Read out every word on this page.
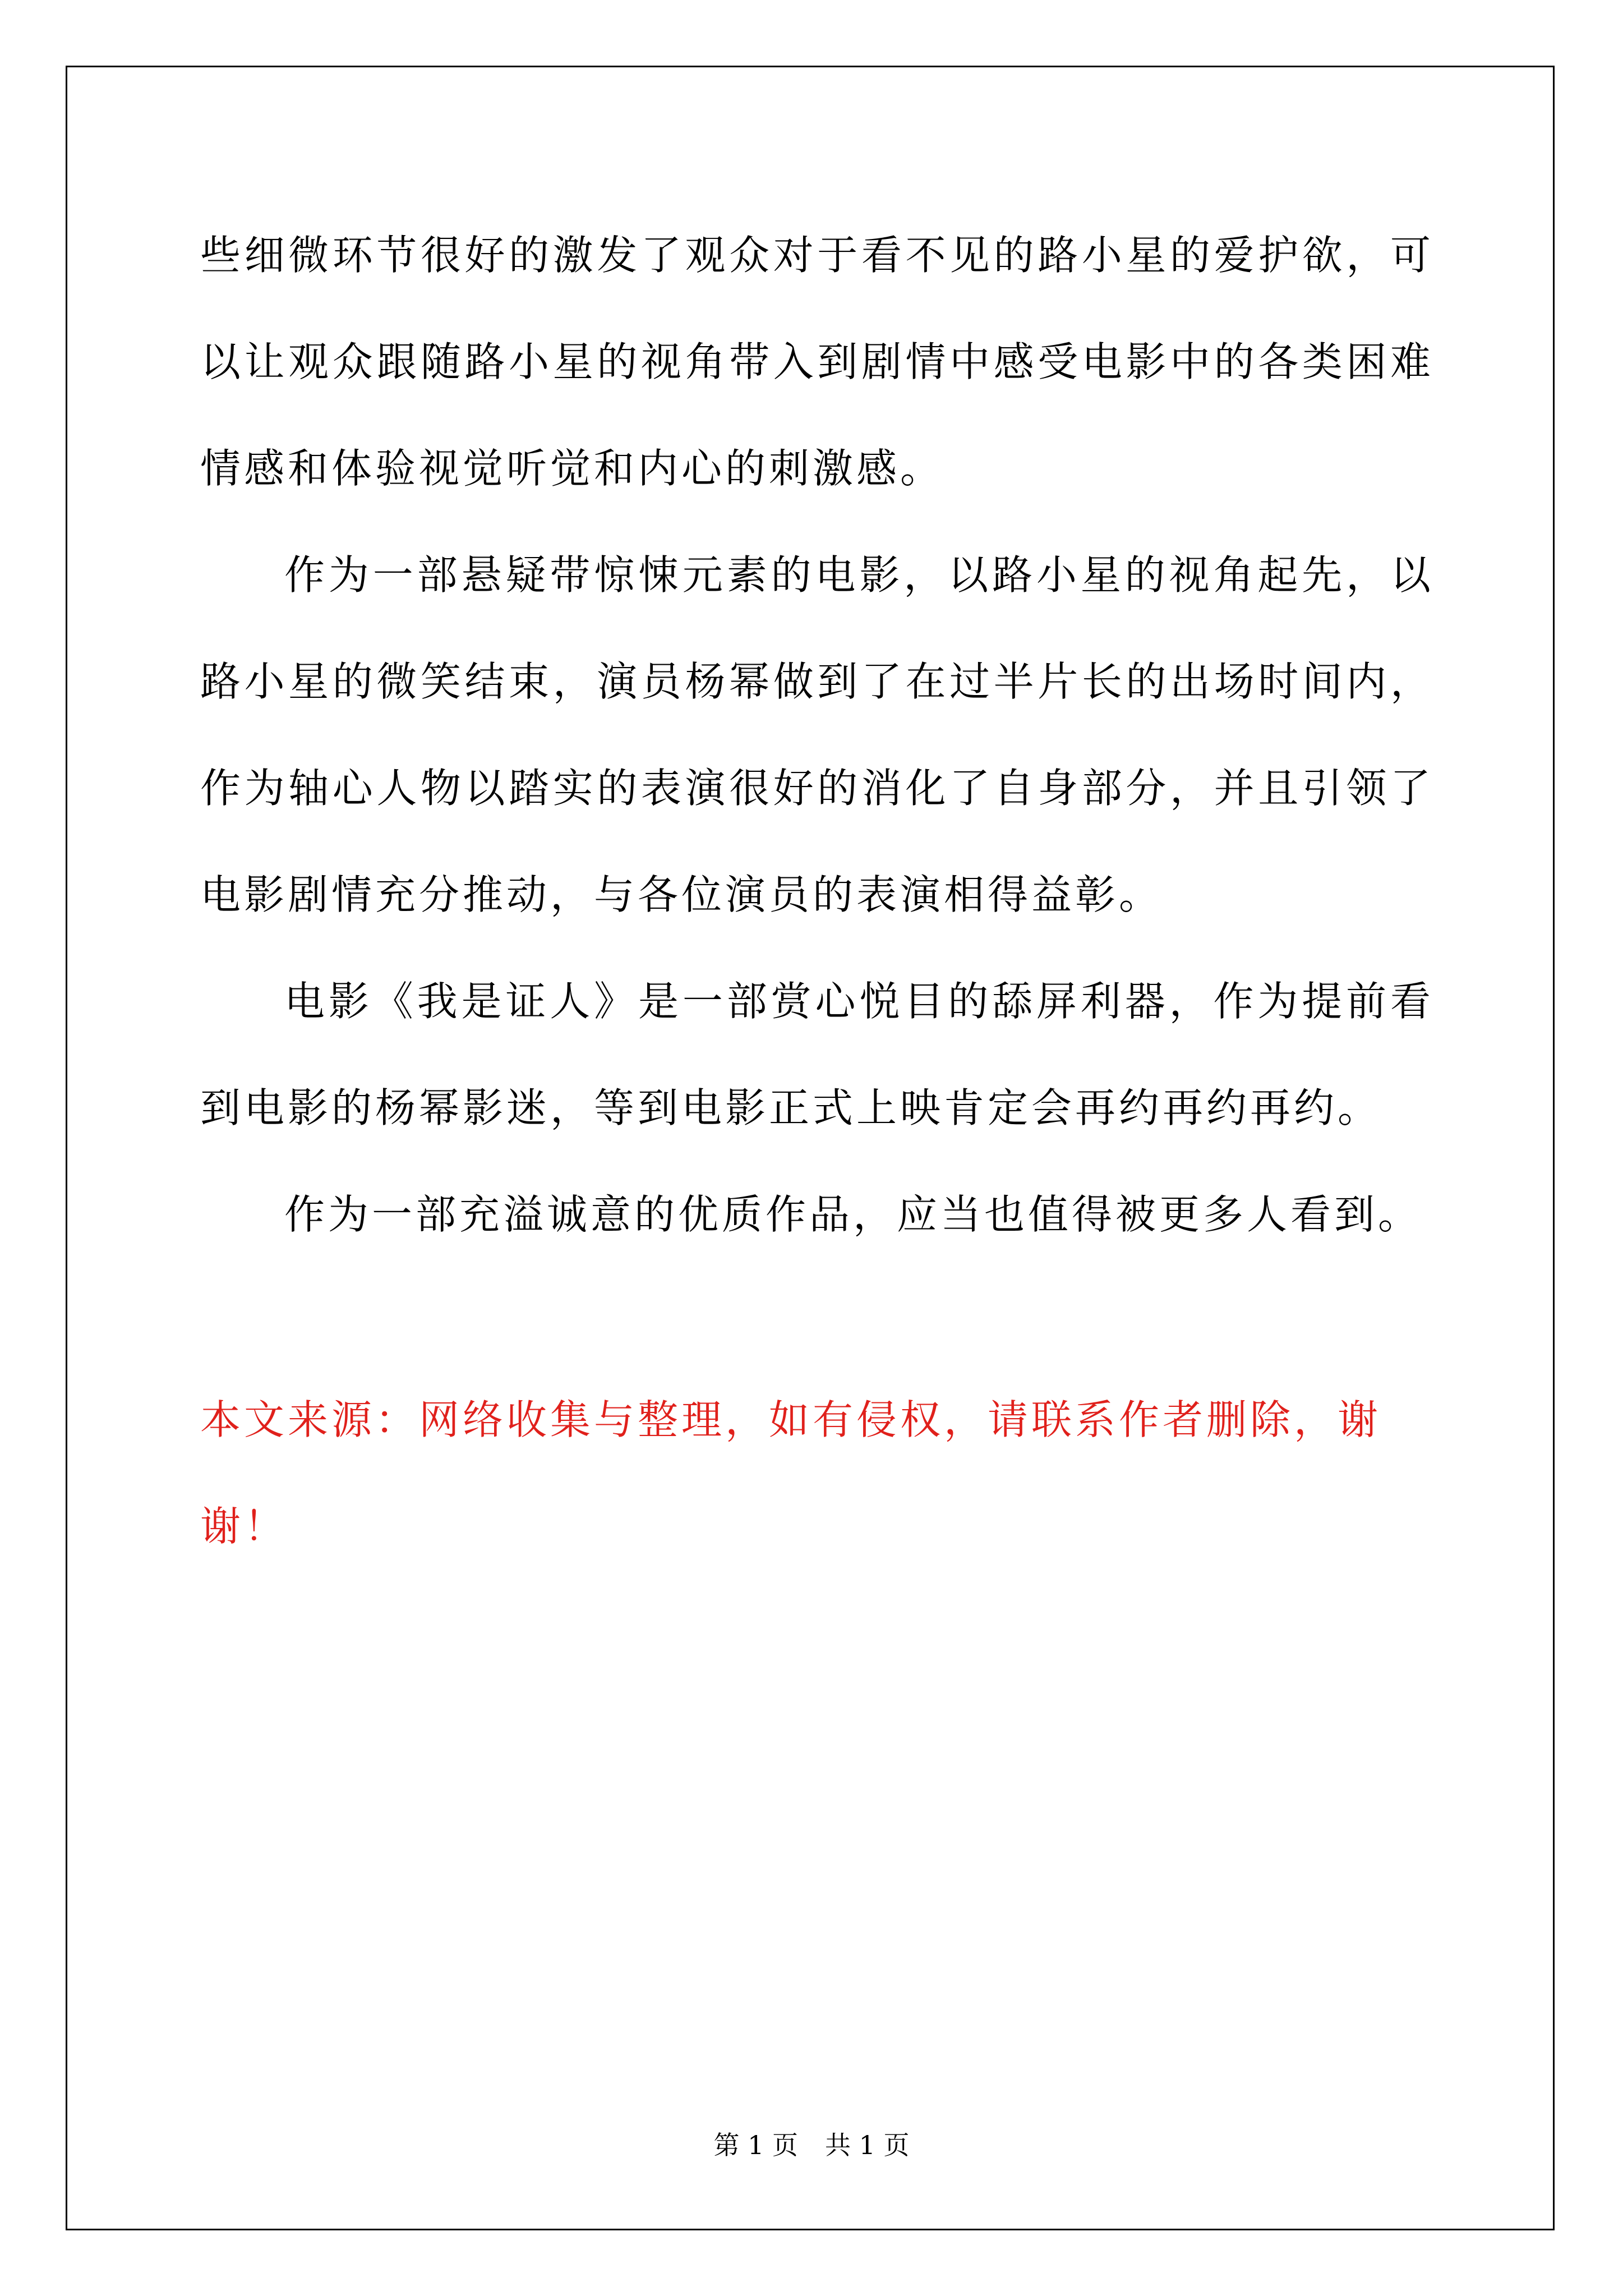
些细微环节很好的激发了观众对于看不见的路小星的爱护欲，可以让观众跟随路小星的视角带入到剧情中感受电影中的各类困难情感和体验视觉听觉和内心的刺激感。

作为一部悬疑带惊悚元素的电影，以路小星的视角起先，以路小星的微笑结束，演员杨幂做到了在过半片长的出场时间内，作为轴心人物以踏实的表演很好的消化了自身部分，并且引领了电影剧情充分推动，与各位演员的表演相得益彰。

电影《我是证人》是一部赏心悦目的舔屏利器，作为提前看到电影的杨幂影迷，等到电影正式上映肯定会再约再约再约。

作为一部充溢诚意的优质作品，应当也值得被更多人看到。

本文来源：网络收集与整理，如有侵权，请联系作者删除，谢谢！

第 1 页 共 1 页
